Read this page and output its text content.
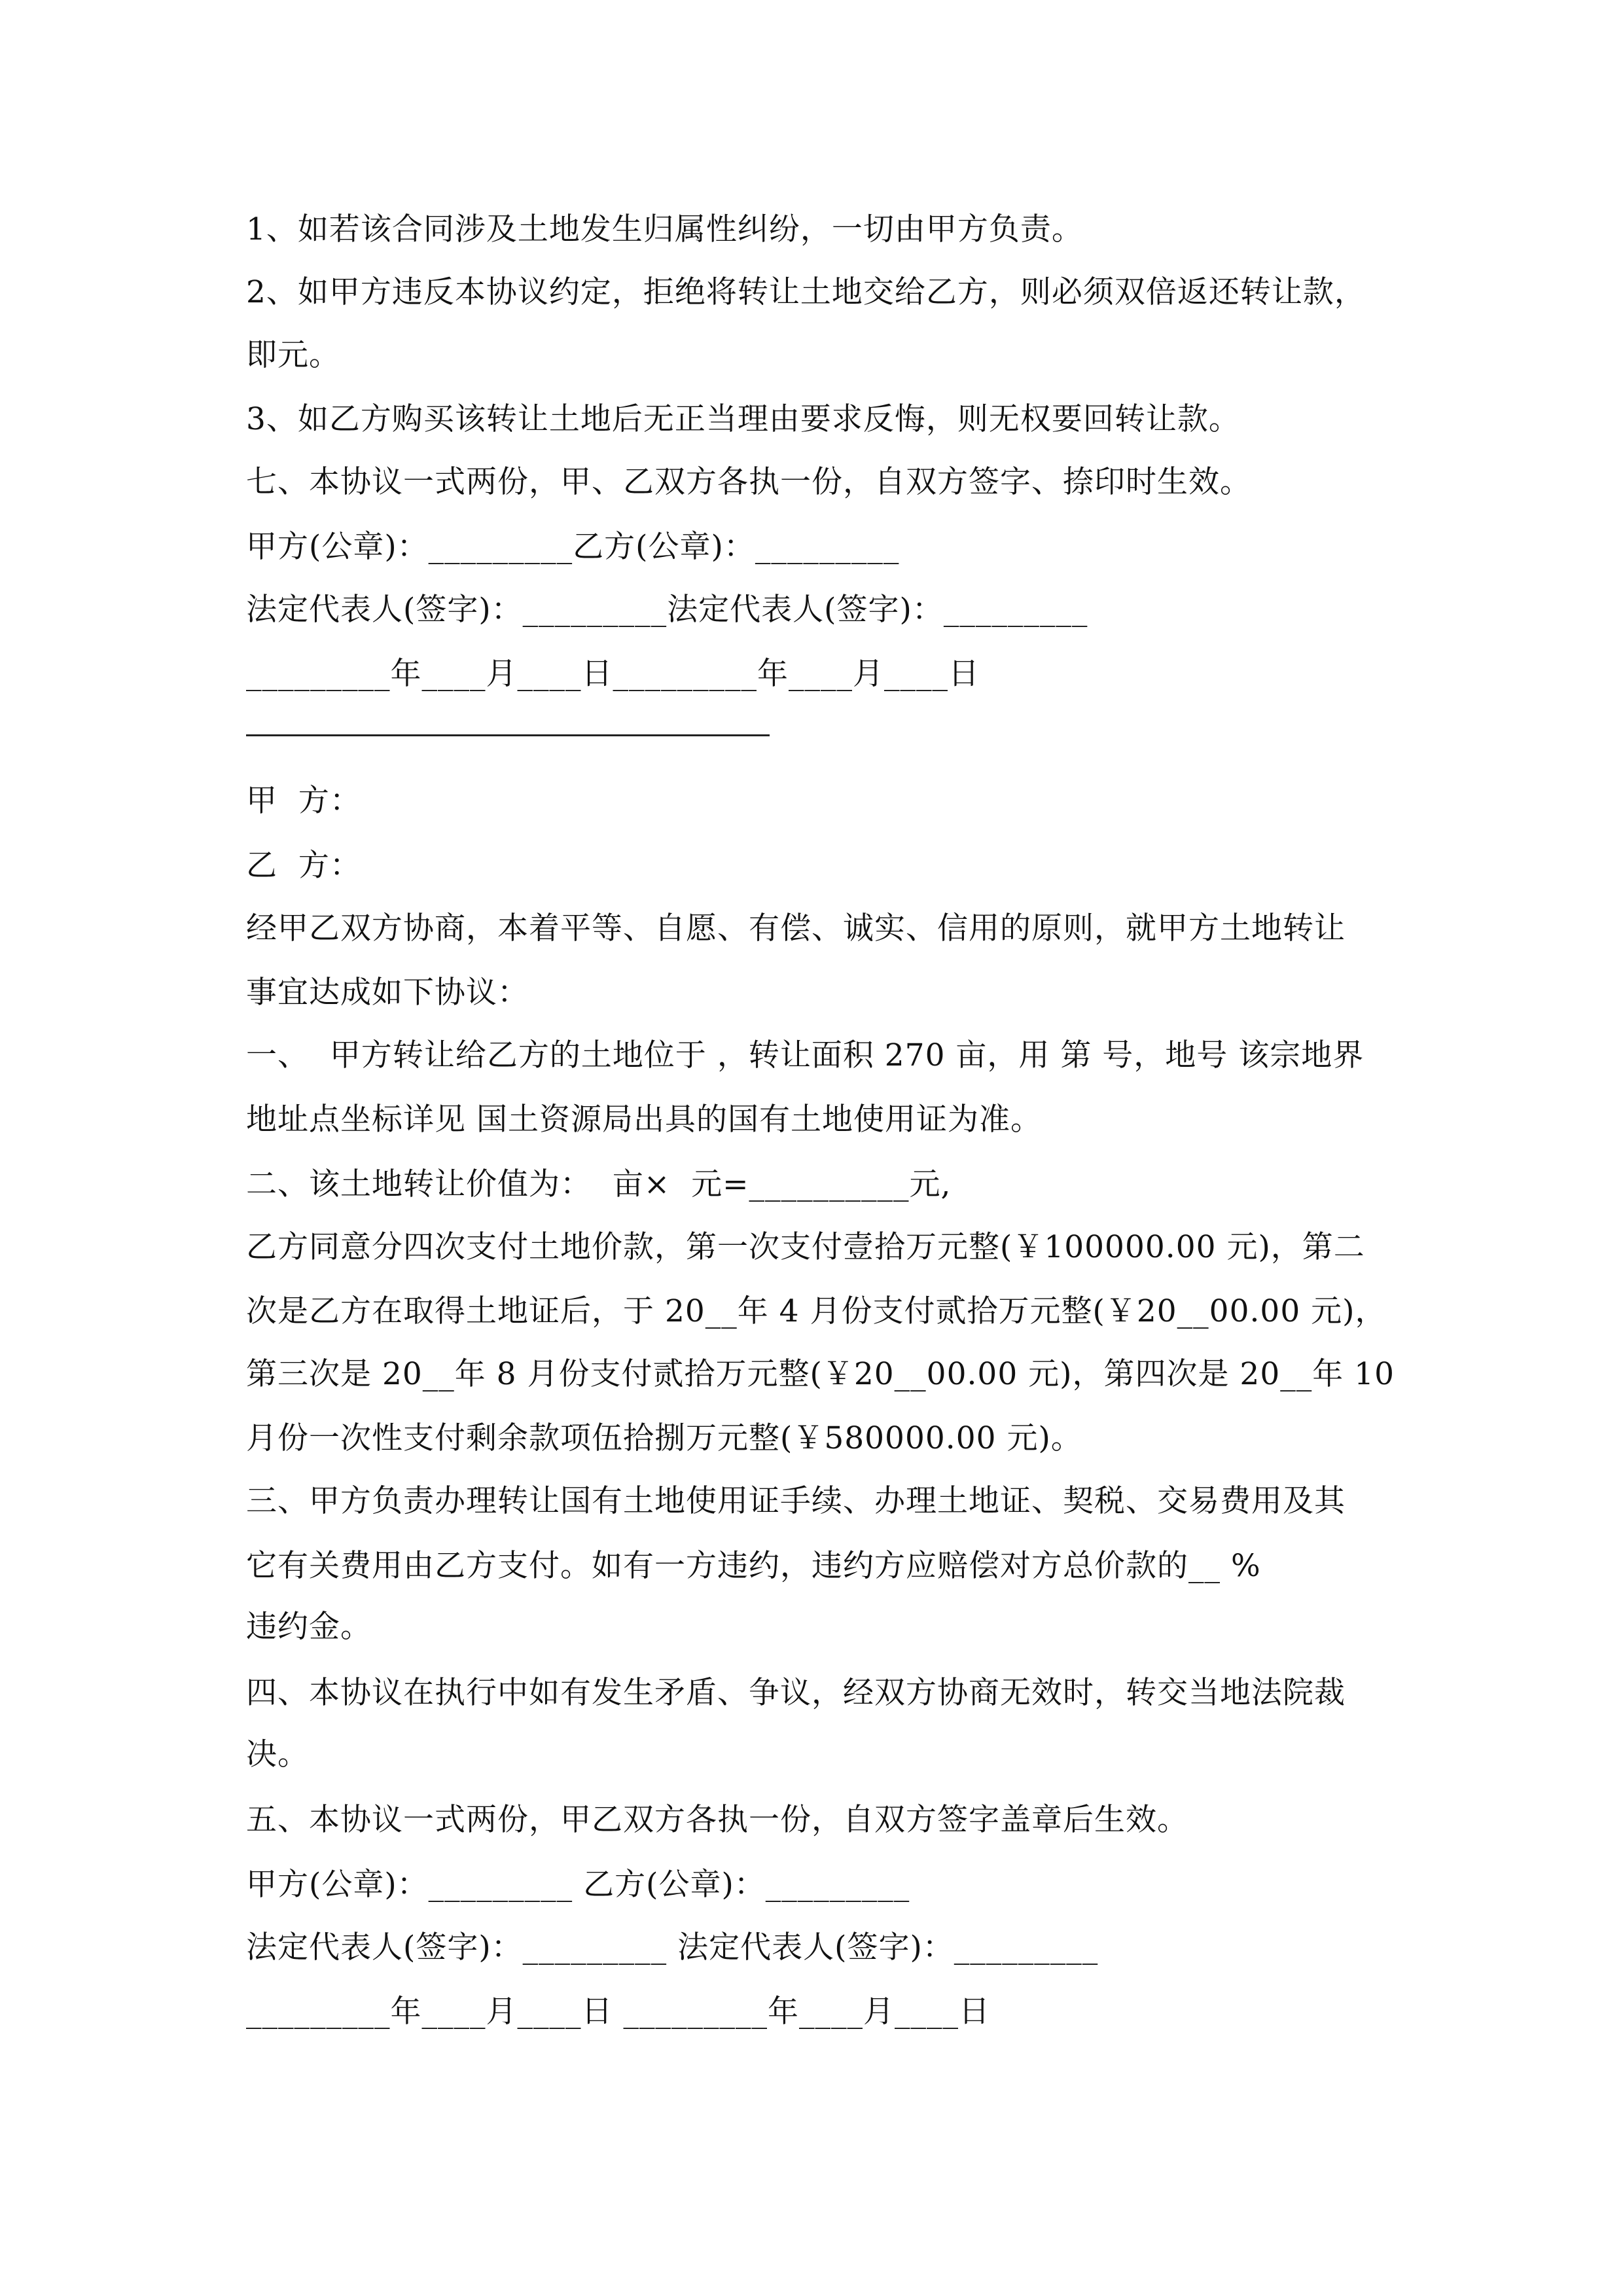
1、如若该合同涉及土地发生归属性纠纷，一切由甲方负责。
2、如甲方违反本协议约定，拒绝将转让土地交给乙方，则必须双倍返还转让款，
即元。
3、如乙方购买该转让土地后无正当理由要求反悔，则无权要回转让款。
七、本协议一式两份，甲、乙双方各执一份，自双方签字、捺印时生效。
甲方(公章)：_________乙方(公章)：_________
法定代表人(签字)：_________法定代表人(签字)：_________
_________年____月____日_________年____月____日
甲  方：
乙  方：
经甲乙双方协商，本着平等、自愿、有偿、诚实、信用的原则，就甲方土地转让
事宜达成如下协议：
一、  甲方转让给乙方的土地位于 ，转让面积 270 亩，用 第 号，地号 该宗地界
地址点坐标详见 国土资源局出具的国有土地使用证为准。
二、该土地转让价值为：  亩×  元=__________元,
乙方同意分四次支付土地价款，第一次支付壹拾万元整(￥100000.00 元)，第二
次是乙方在取得土地证后，于 20__年 4 月份支付贰拾万元整(￥20__00.00 元)，
第三次是 20__年 8 月份支付贰拾万元整(￥20__00.00 元)，第四次是 20__年 10
月份一次性支付剩余款项伍拾捌万元整(￥580000.00 元)。
三、甲方负责办理转让国有土地使用证手续、办理土地证、契税、交易费用及其
它有关费用由乙方支付。如有一方违约，违约方应赔偿对方总价款的__ %
违约金。
四、本协议在执行中如有发生矛盾、争议，经双方协商无效时，转交当地法院裁
决。
五、本协议一式两份，甲乙双方各执一份，自双方签字盖章后生效。
甲方(公章)：_________ 乙方(公章)：_________
法定代表人(签字)：_________ 法定代表人(签字)：_________
_________年____月____日 _________年____月____日
